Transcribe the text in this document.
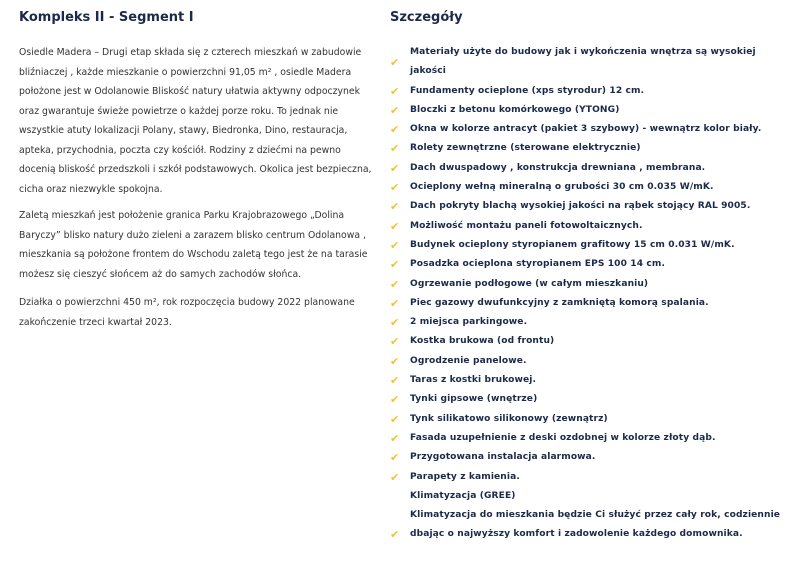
Kompleks II - Segment I

Osiedle Madera – Drugi etap składa się z czterech mieszkań w zabudowie bliźniaczej , każde mieszkanie o powierzchni 91,05 m² , osiedle Madera położone jest w Odolanowie Bliskość natury ułatwia aktywny odpoczynek oraz gwarantuje świeże powietrze o każdej porze roku. To jednak nie wszystkie atuty lokalizacji Polany, stawy, Biedronka, Dino, restauracja, apteka, przychodnia, poczta czy kościół. Rodziny z dziećmi na pewno docenią bliskość przedszkoli i szkół podstawowych. Okolica jest bezpieczna, cicha oraz niezwykle spokojna.

Zaletą mieszkań jest położenie granica Parku Krajobrazowego „Dolina Baryczy” blisko natury dużo zieleni a zarazem blisko centrum Odolanowa , mieszkania są położone frontem do Wschodu zaletą tego jest że na tarasie możesz się cieszyć słońcem aż do samych zachodów słońca.

Działka o powierzchni 450 m², rok rozpoczęcia budowy 2022 planowane zakończenie trzeci kwartał 2023.

Szczegóły
✔
Materiały użyte do budowy jak i wykończenia wnętrza są wysokiej jakości
✔ Fundamenty ocieplone (xps styrodur) 12 cm.
✔ Bloczki z betonu komórkowego (YTONG)
✔ Okna w kolorze antracyt (pakiet 3 szybowy) - wewnątrz kolor biały.
✔ Rolety zewnętrzne (sterowane elektrycznie)
✔ Dach dwuspadowy , konstrukcja drewniana , membrana.
✔ Ocieplony wełną mineralną o grubości 30 cm 0.035 W/mK.
✔ Dach pokryty blachą wysokiej jakości na rąbek stojący RAL 9005.
✔ Możliwość montażu paneli fotowoltaicznych.
✔ Budynek ocieplony styropianem grafitowy 15 cm 0.031 W/mK.
✔ Posadzka ocieplona styropianem EPS 100 14 cm.
✔ Ogrzewanie podłogowe (w całym mieszkaniu)
✔ Piec gazowy dwufunkcyjny z zamkniętą komorą spalania.
✔ 2 miejsca parkingowe.
✔ Kostka brukowa (od frontu)
✔ Ogrodzenie panelowe.
✔ Taras z kostki brukowej.
✔ Tynki gipsowe (wnętrze)
✔ Tynk silikatowo silikonowy (zewnątrz)
✔ Fasada uzupełnienie z deski ozdobnej w kolorze złoty dąb.
✔ Przygotowana instalacja alarmowa.
✔ Parapety z kamienia.
Klimatyzacja (GREE)
✔
Klimatyzacja do mieszkania będzie Ci służyć przez cały rok, codziennie dbając o najwyższy komfort i zadowolenie każdego domownika.
